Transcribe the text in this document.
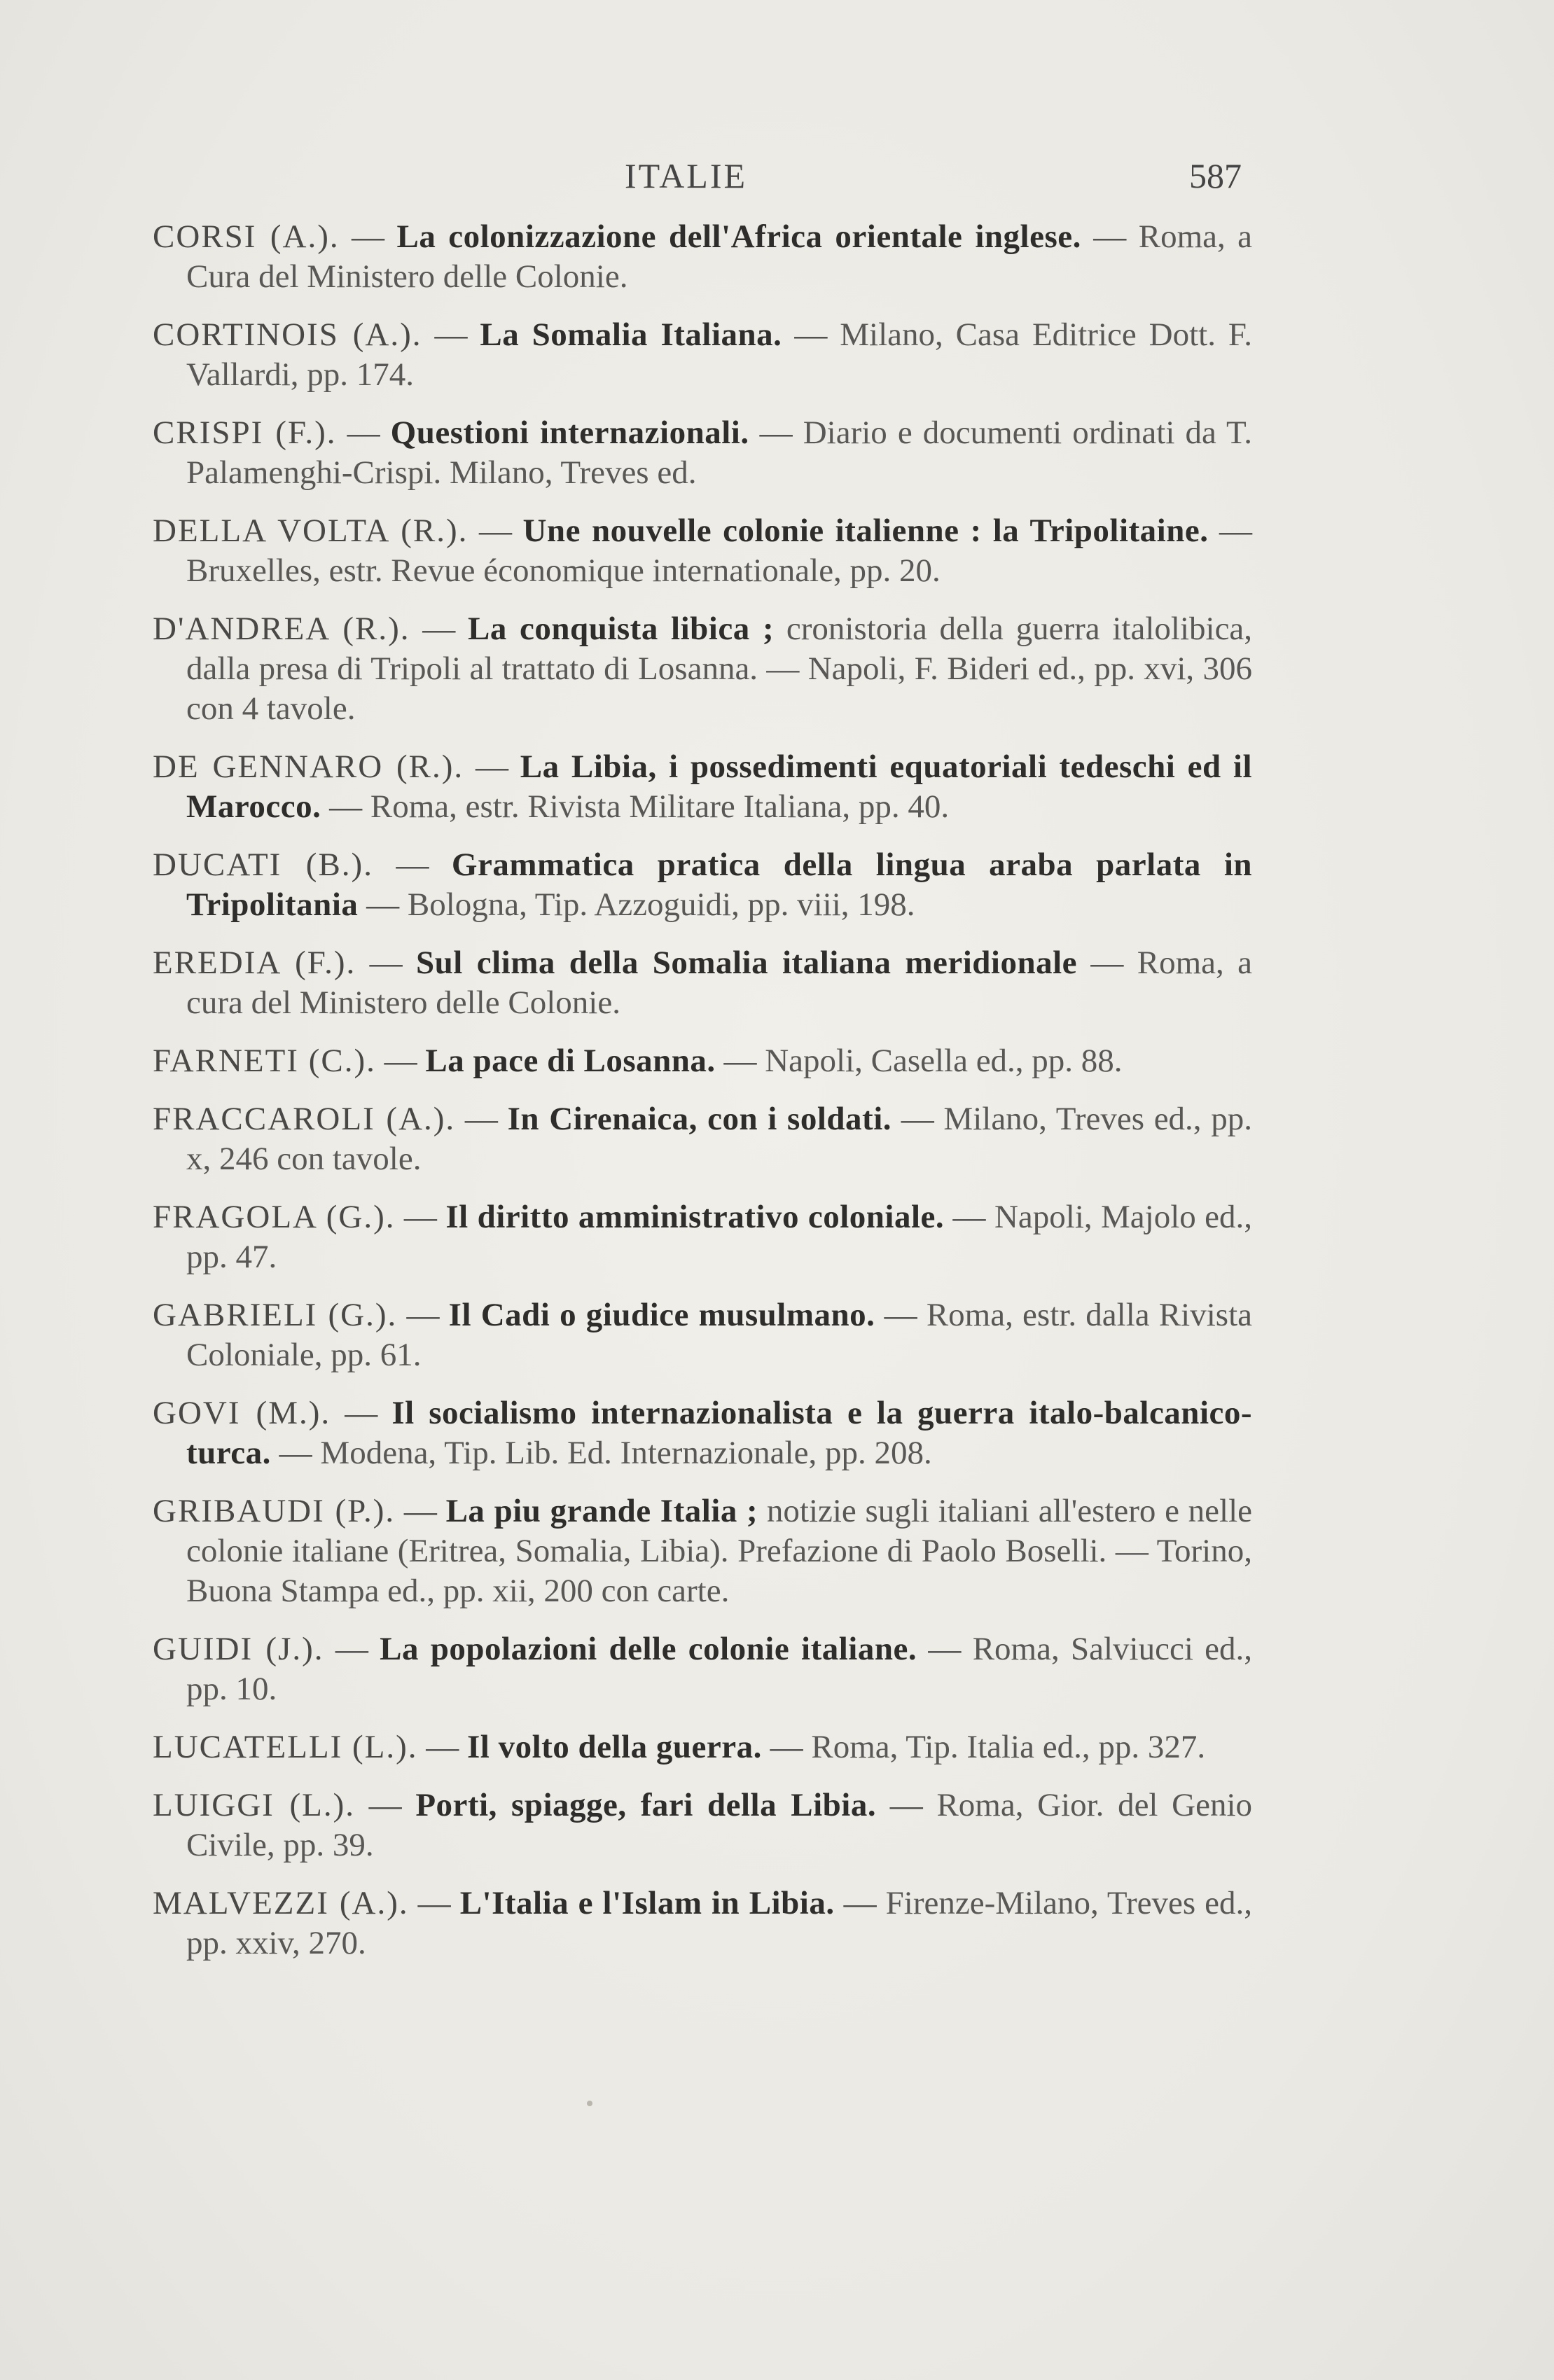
ITALIE	587

CORSI (A.). — La colonizzazione dell'Africa orientale inglese. — Roma, a Cura del Ministero delle Colonie.

CORTINOIS (A.). — La Somalia Italiana. — Milano, Casa Editrice Dott. F. Vallardi, pp. 174.

CRISPI (F.). — Questioni internazionali. — Diario e documenti ordinati da T. Palamenghi-Crispi. Milano, Treves ed.

DELLA VOLTA (R.). — Une nouvelle colonie italienne : la Tripolitaine. — Bruxelles, estr. Revue économique internationale, pp. 20.

D'ANDREA (R.). — La conquista libica ; cronistoria della guerra italolibica, dalla presa di Tripoli al trattato di Losanna. — Napoli, F. Bideri ed., pp. xvi, 306 con 4 tavole.

DE GENNARO (R.). — La Libia, i possedimenti equatoriali tedeschi ed il Marocco. — Roma, estr. Rivista Militare Italiana, pp. 40.

DUCATI (B.). — Grammatica pratica della lingua araba parlata in Tripolitania — Bologna, Tip. Azzoguidi, pp. viii, 198.

EREDIA (F.). — Sul clima della Somalia italiana meridionale — Roma, a cura del Ministero delle Colonie.

FARNETI (C.). — La pace di Losanna. — Napoli, Casella ed., pp. 88.

FRACCAROLI (A.). — In Cirenaica, con i soldati. — Milano, Treves ed., pp. x, 246 con tavole.

FRAGOLA (G.). — Il diritto amministrativo coloniale. — Napoli, Majolo ed., pp. 47.

GABRIELI (G.). — Il Cadi o giudice musulmano. — Roma, estr. dalla Rivista Coloniale, pp. 61.

GOVI (M.). — Il socialismo internazionalista e la guerra italo-balcanico-turca. — Modena, Tip. Lib. Ed. Internazionale, pp. 208.

GRIBAUDI (P.). — La piu grande Italia ; notizie sugli italiani all'estero e nelle colonie italiane (Eritrea, Somalia, Libia). Prefazione di Paolo Boselli. — Torino, Buona Stampa ed., pp. xii, 200 con carte.

GUIDI (J.). — La popolazioni delle colonie italiane. — Roma, Salviucci ed., pp. 10.

LUCATELLI (L.). — Il volto della guerra. — Roma, Tip. Italia ed., pp. 327.

LUIGGI (L.). — Porti, spiagge, fari della Libia. — Roma, Gior. del Genio Civile, pp. 39.

MALVEZZI (A.). — L'Italia e l'Islam in Libia. — Firenze-Milano, Treves ed., pp. xxiv, 270.
